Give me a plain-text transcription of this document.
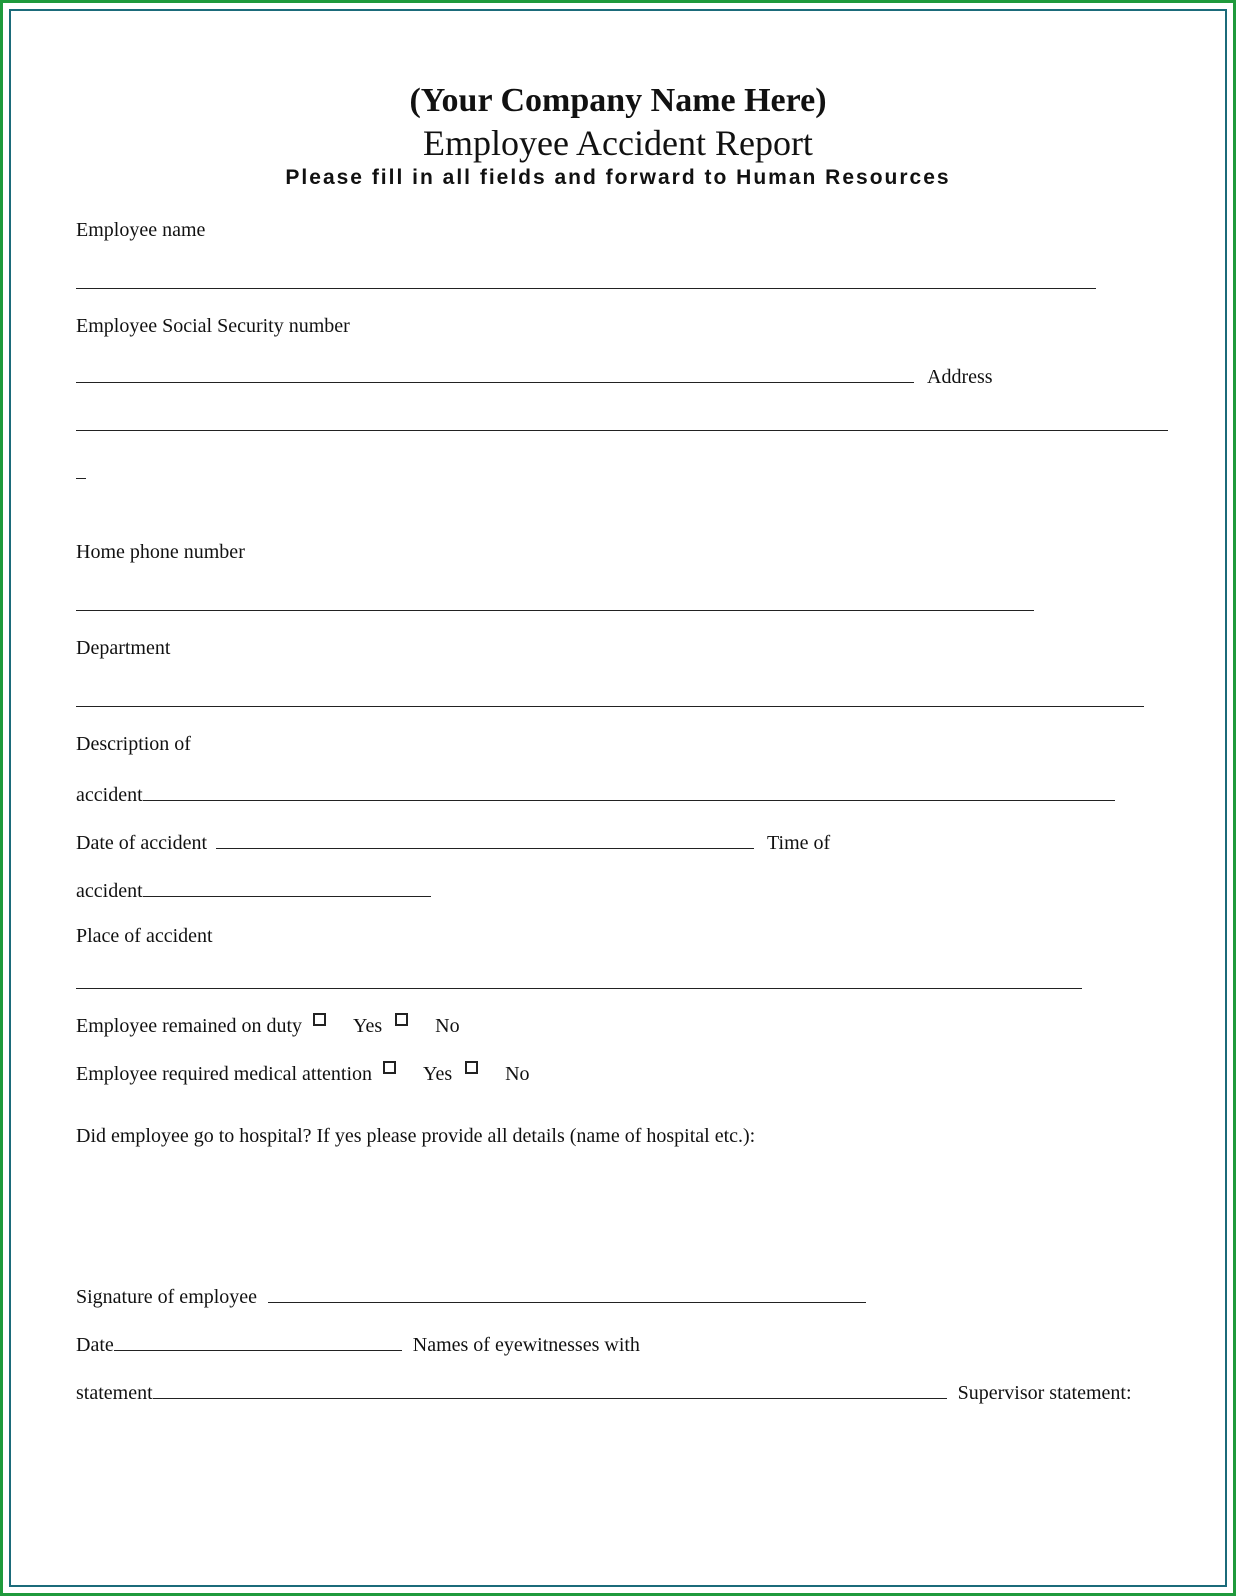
(Your Company Name Here)
Employee Accident Report
Please fill in all fields and forward to Human Resources
Employee name
Employee Social Security number
Address
Home phone number
Department
Description of
accident
Date of accident	Time of
accident
Place of accident
Employee remained on duty	Yes	No
Employee required medical attention	Yes	No
Did employee go to hospital? If yes please provide all details (name of hospital etc.):
Signature of employee
Date	Names of eyewitnesses with
statement	Supervisor statement:
